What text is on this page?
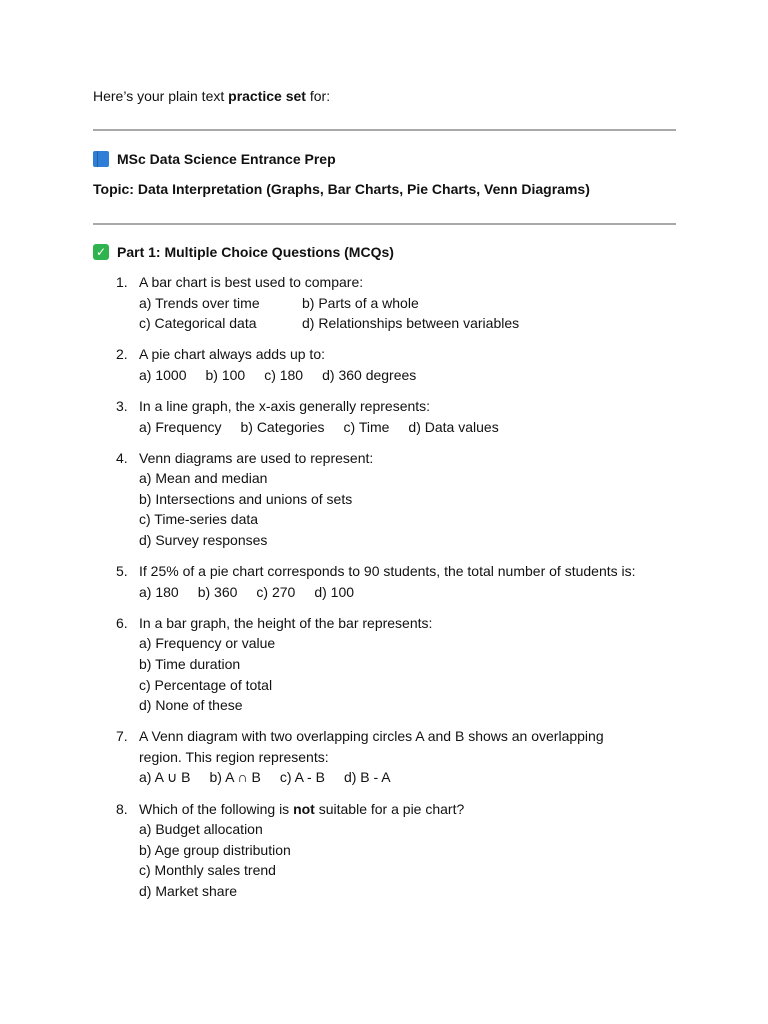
Here’s your plain text practice set for:
MSc Data Science Entrance Prep
Topic: Data Interpretation (Graphs, Bar Charts, Pie Charts, Venn Diagrams)
✓ Part 1: Multiple Choice Questions (MCQs)
1. A bar chart is best used to compare:
a) Trends over time	b) Parts of a whole
c) Categorical data	d) Relationships between variables
2. A pie chart always adds up to:
a) 1000 b) 100 c) 180 d) 360 degrees
3. In a line graph, the x-axis generally represents:
a) Frequency b) Categories c) Time d) Data values
4. Venn diagrams are used to represent:
a) Mean and median
b) Intersections and unions of sets
c) Time-series data
d) Survey responses
5. If 25% of a pie chart corresponds to 90 students, the total number of students is:
a) 180 b) 360 c) 270 d) 100
6. In a bar graph, the height of the bar represents:
a) Frequency or value
b) Time duration
c) Percentage of total
d) None of these
7. A Venn diagram with two overlapping circles A and B shows an overlapping region. This region represents:
a) A ∪ B b) A ∩ B c) A - B d) B - A
8. Which of the following is not suitable for a pie chart?
a) Budget allocation
b) Age group distribution
c) Monthly sales trend
d) Market share
